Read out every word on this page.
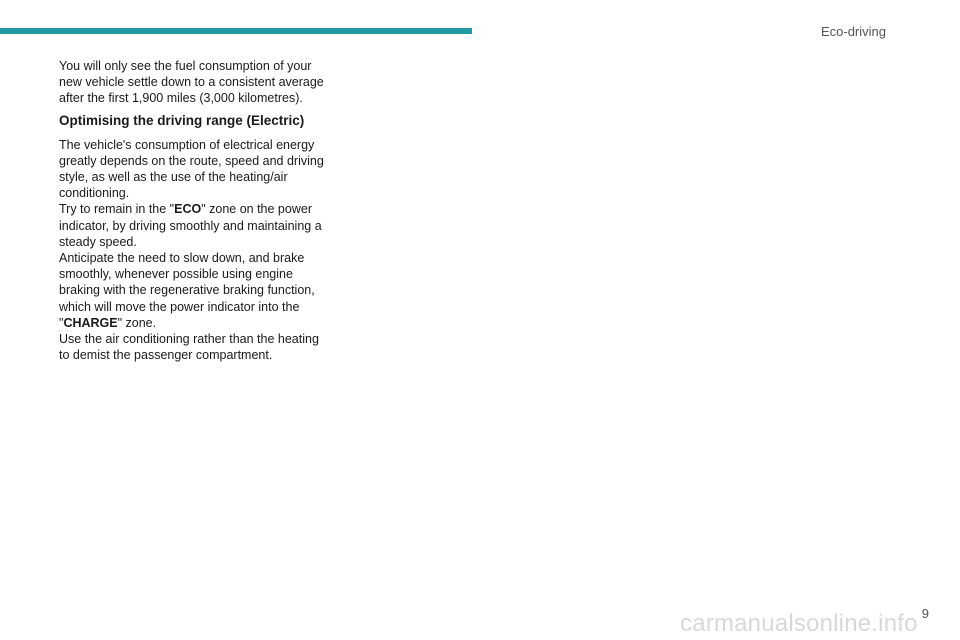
Eco-driving

You will only see the fuel consumption of your
new vehicle settle down to a consistent average
after the first 1,900 miles (3,000 kilometres).

Optimising the driving range (Electric)

The vehicle's consumption of electrical energy
greatly depends on the route, speed and driving
style, as well as the use of the heating/air
conditioning.
Try to remain in the "ECO" zone on the power
indicator, by driving smoothly and maintaining a
steady speed.
Anticipate the need to slow down, and brake
smoothly, whenever possible using engine
braking with the regenerative braking function,
which will move the power indicator into the
"CHARGE" zone.
Use the air conditioning rather than the heating
to demist the passenger compartment.

9
carmanualsonline.info
